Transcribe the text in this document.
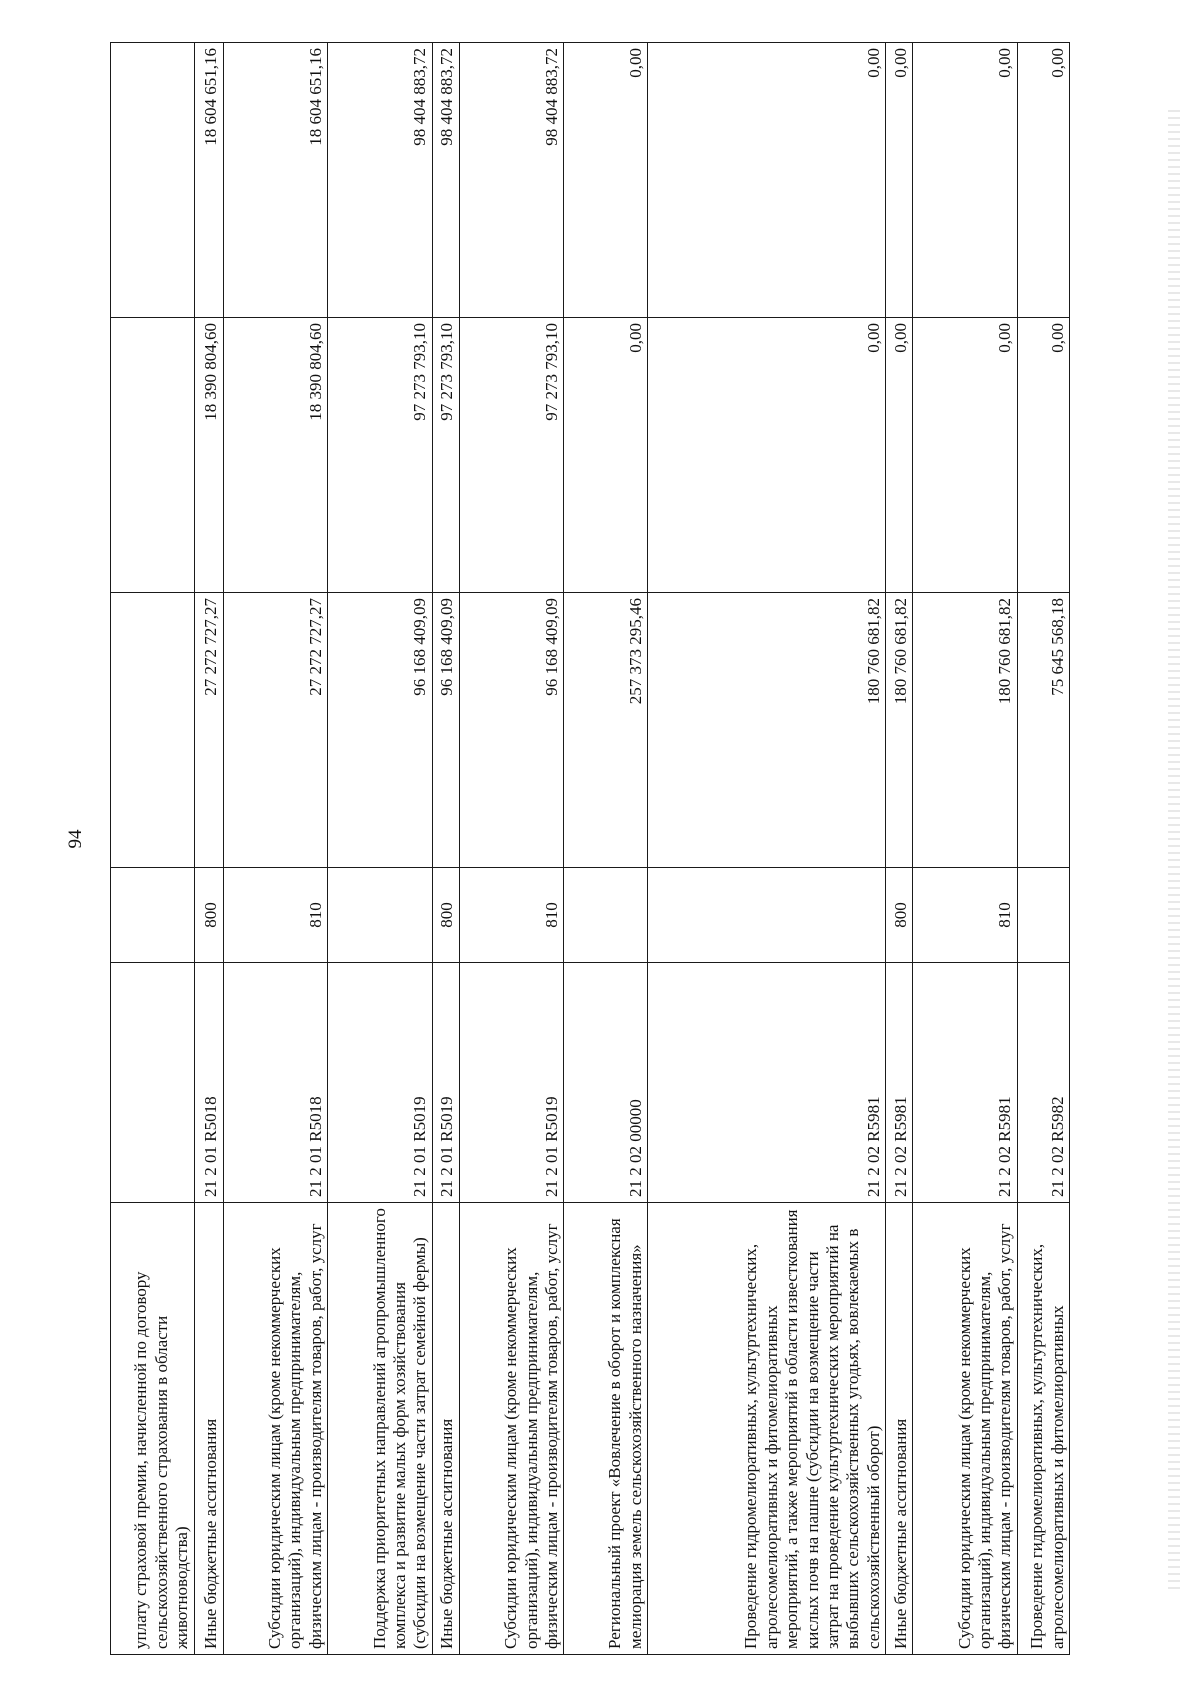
94
уплату страховой премии, начисленной по договору сельскохозяйственного страхования в области животноводства)					
Иные бюджетные ассигнования	21 2 01 R5018	800	27 272 727,27	18 390 804,60	18 604 651,16
Субсидии юридическим лицам (кроме некоммерческих организаций), индивидуальным предпринимателям, физическим лицам - производителям товаров, работ, услуг	21 2 01 R5018	810	27 272 727,27	18 390 804,60	18 604 651,16
Поддержка приоритетных направлений агропромышленного комплекса и развитие малых форм хозяйствования (субсидии на возмещение части затрат семейной фермы)	21 2 01 R5019		96 168 409,09	97 273 793,10	98 404 883,72
Иные бюджетные ассигнования	21 2 01 R5019	800	96 168 409,09	97 273 793,10	98 404 883,72
Субсидии юридическим лицам (кроме некоммерческих организаций), индивидуальным предпринимателям, физическим лицам - производителям товаров, работ, услуг	21 2 01 R5019	810	96 168 409,09	97 273 793,10	98 404 883,72
Региональный проект «Вовлечение в оборот и комплексная мелиорация земель сельскохозяйственного назначения»	21 2 02 00000		257 373 295,46	0,00	0,00
Проведение гидромелиоративных, культуртехнических, агролесомелиоративных и фитомелиоративных мероприятий, а также мероприятий в области известкования кислых почв на пашне (субсидии на возмещение части затрат на проведение культуртехнических мероприятий на выбывших сельскохозяйственных угодьях, вовлекаемых в сельскохозяйственный оборот)	21 2 02 R5981		180 760 681,82	0,00	0,00
Иные бюджетные ассигнования	21 2 02 R5981	800	180 760 681,82	0,00	0,00
Субсидии юридическим лицам (кроме некоммерческих организаций), индивидуальным предпринимателям, физическим лицам - производителям товаров, работ, услуг	21 2 02 R5981	810	180 760 681,82	0,00	0,00
Проведение гидромелиоративных, культуртехнических, агролесомелиоративных и фитомелиоративных	21 2 02 R5982		75 645 568,18	0,00	0,00
